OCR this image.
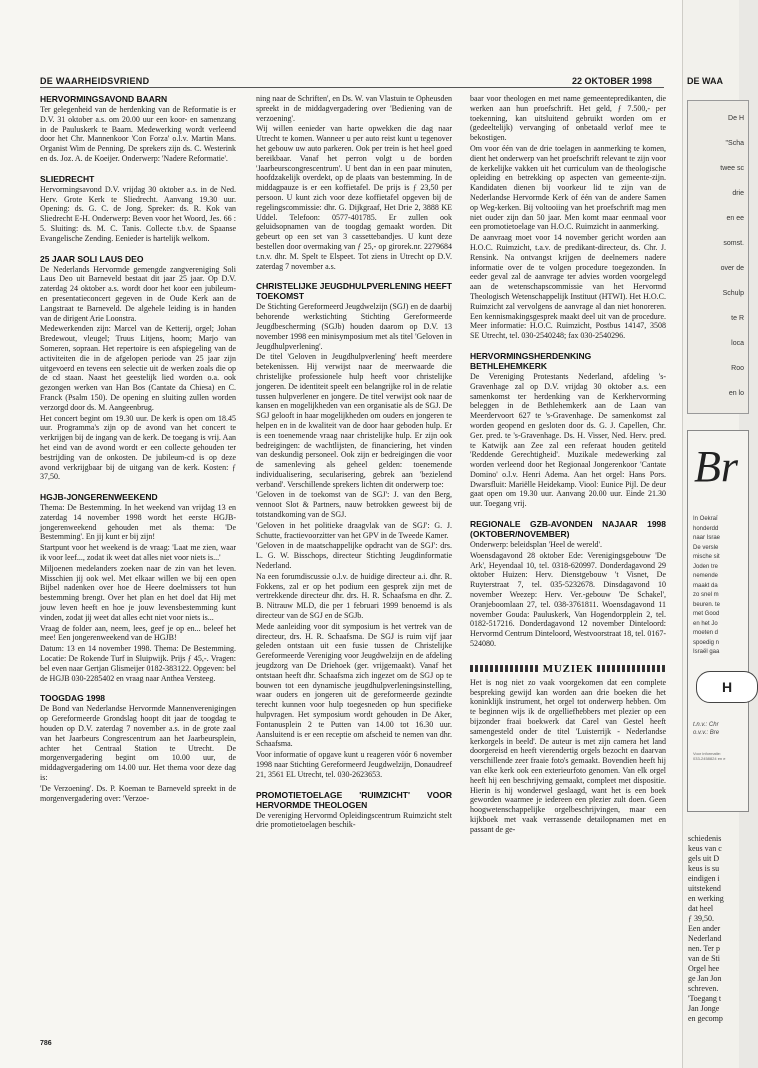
DE WAARHEIDSVRIEND	22 OKTOBER 1998
HERVORMINGSAVOND BAARN

Ter gelegenheid van de herdenking van de Reformatie is er D.V. 31 oktober a.s. om 20.00 uur een koor- en samenzang in de Pauluskerk te Baarn. Medewerking wordt verleend door het Chr. Mannenkoor 'Con Forza' o.l.v. Martin Mans. Organist Wim de Penning. De sprekers zijn ds. C. Westerink en ds. Joz. A. de Koeijer. Onderwerp: 'Nadere Reformatie'.

SLIEDRECHT

Hervormingsavond D.V. vrijdag 30 oktober a.s. in de Ned. Herv. Grote Kerk te Sliedrecht. Aanvang 19.30 uur. Opening: ds. G. C. de Jong. Spreker: ds. R. Kok van Sliedrecht E-H. Onderwerp: Beven voor het Woord, Jes. 66 : 5. Sluiting: ds. M. C. Tanis. Collecte t.b.v. de Spaanse Evangelische Zending. Eenieder is hartelijk welkom.

25 JAAR SOLI LAUS DEO

De Nederlands Hervormde gemengde zangvereniging Soli Laus Deo uit Barneveld bestaat dit jaar 25 jaar. Op D.V. zaterdag 24 oktober a.s. wordt door het koor een jubileum- en presentatieconcert gegeven in de Oude Kerk aan de Langstraat te Barneveld. De algehele leiding is in handen van de dirigent Arie Loonstra.

Medewerkenden zijn: Marcel van de Ketterij, orgel; Johan Bredewout, vleugel; Truus Litjens, hoorn; Marjo van Someren, sopraan. Het repertoire is een afspiegeling van de activiteiten die in de afgelopen periode van 25 jaar zijn uitgevoerd en tevens een selectie uit de werken zoals die op de cd staan. Naast het geestelijk lied worden o.a. ook gezongen werken van Han Bos (Cantate da Chiesa) en C. Franck (Psalm 150). De opening en sluiting zullen worden verzorgd door ds. M. Aangeenbrug.

Het concert begint om 19.30 uur. De kerk is open om 18.45 uur. Programma's zijn op de avond van het concert te verkrijgen bij de ingang van de kerk. De toegang is vrij. Aan het eind van de avond wordt er een collecte gehouden ter bestrijding van de onkosten. De jubileum-cd is op deze avond verkrijgbaar bij de uitgang van de kerk. Kosten: ƒ 37,50.

HGJB-JONGERENWEEKEND

Thema: De Bestemming. In het weekend van vrijdag 13 en zaterdag 14 november 1998 wordt het eerste HGJB-jongerenweekend gehouden met als thema: 'De Bestemming'. En jij kunt er bij zijn!

Startpunt voor het weekend is de vraag: 'Laat me zien, waar ik voor leef..., zodat ik weet dat alles niet voor niets is...'

Miljoenen medelanders zoeken naar de zin van het leven. Misschien jij ook wel. Met elkaar willen we bij een open Bijbel nadenken over hoe de Heere doelmissers tot hun bestemming brengt. Over het plan en het doel dat Hij met jouw leven heeft en hoe je jouw levensbestemming kunt vinden, zodat jij weet dat alles echt niet voor niets is...

Vraag de folder aan, neem, lees, geef je op en... beleef het mee! Een jongerenweekend van de HGJB!

Datum: 13 en 14 november 1998. Thema: De Bestemming. Locatie: De Rokende Turf in Sluipwijk. Prijs ƒ 45,-. Vragen: bel even naar Gertjan Glismeijer 0182-383122. Opgeven: bel de HGJB 030-2285402 en vraag naar Anthea Versteeg.

TOOGDAG 1998

De Bond van Nederlandse Hervormde Mannenverenigingen op Gereformeerde Grondslag hoopt dit jaar de toogdag te houden op D.V. zaterdag 7 november a.s. in de grote zaal van het Jaarbeurs Congrescentrum aan het Jaarbeursplein, achter het Centraal Station te Utrecht. De morgenvergadering begint om 10.00 uur, de middagvergadering om 14.00 uur. Het thema voor deze dag is:

'De Verzoening'. Ds. P. Koeman te Barneveld spreekt in de morgenvergadering over: 'Verzoe-

ning naar de Schriften', en Ds. W. van Vlastuin te Opheusden spreekt in de middagvergadering over 'Bediening van de verzoening'.

Wij willen eenieder van harte opwekken die dag naar Utrecht te komen. Wanneer u per auto reist kunt u tegenover het gebouw uw auto parkeren. Ook per trein is het heel goed bereikbaar. Vanaf het perron volgt u de borden 'Jaarbeurscongrescentrum'. U bent dan in een paar minuten, hoofdzakelijk overdekt, op de plaats van bestemming. In de middagpauze is er een koffietafel. De prijs is ƒ 23,50 per persoon. U kunt zich voor deze koffietafel opgeven bij de regelingscommissie: dhr. G. Dijkgraaf, Het Drie 2, 3888 KE Uddel. Telefoon: 0577-401785. Er zullen ook geluidsopnamen van de toogdag gemaakt worden. Dit gebeurt op een set van 3 cassettebandjes. U kunt deze bestellen door overmaking van ƒ 25,- op girorek.nr. 2279684 t.n.v. dhr. M. Spelt te Elspeet. Tot ziens in Utrecht op D.V. zaterdag 7 november a.s.

CHRISTELIJKE JEUGDHULPVERLENING HEEFT TOEKOMST

De Stichting Gereformeerd Jeugdwelzijn (SGJ) en de daarbij behorende werkstichting Stichting Gereformeerde Jeugdbescherming (SGJb) houden daarom op D.V. 13 november 1998 een minisymposium met als titel 'Geloven in Jeugdhulpverlening'.

De titel 'Geloven in Jeugdhulpverlening' heeft meerdere betekenissen. Hij verwijst naar de meerwaarde die christelijke professionele hulp heeft voor christelijke jongeren. De identiteit speelt een belangrijke rol in de relatie tussen hulpverlener en jongere. De titel verwijst ook naar de kansen en mogelijkheden van een organisatie als de SGJ. De SGJ gelooft in haar mogelijkheden om ouders en jongeren te helpen en in de kwaliteit van de door haar geboden hulp. Er is een toenemende vraag naar christelijke hulp. Er zijn ook bedreigingen: de wachtlijsten, de financiering, het vinden van deskundig personeel. Ook zijn er bedreigingen die voor de samenleving als geheel gelden: toenemende individualisering, secularisering, gebrek aan 'bezielend verband'. Verschillende sprekers lichten dit onderwerp toe:

'Geloven in de toekomst van de SGJ': J. van den Berg, vennoot Slot & Partners, nauw betrokken geweest bij de totstandkoming van de SGJ.

'Geloven in het politieke draagvlak van de SGJ': G. J. Schutte, fractievoorzitter van het GPV in de Tweede Kamer.

'Geloven in de maatschappelijke opdracht van de SGJ': drs. L. G. W. Bisschops, directeur Stichting Jeugdinformatie Nederland.

Na een forumdiscussie o.l.v. de huidige directeur a.i. dhr. R. Fokkens, zal er op het podium een gesprek zijn met de vertrekkende directeur dhr. drs. H. R. Schaafsma en dhr. Z. B. Nitrauw MLD, die per 1 februari 1999 benoemd is als directeur van de SGJ en de SGJb.

Mede aanleiding voor dit symposium is het vertrek van de directeur, drs. H. R. Schaafsma. De SGJ is ruim vijf jaar geleden ontstaan uit een fusie tussen de Christelijke Gereformeerde Vereniging voor Jeugdwelzijn en de afdeling jeugdzorg van De Driehoek (ger. vrijgemaakt). Vanaf het ontstaan heeft dhr. Schaafsma zich ingezet om de SGJ op te bouwen tot een dynamische jeugdhulpverleningsinstelling, waar ouders en jongeren uit de gereformeerde gezindte terecht kunnen voor hulp toegesneden op hun specifieke hulpvragen. Het symposium wordt gehouden in De Aker, Fontanusplein 2 te Putten van 14.00 tot 16.30 uur. Aansluitend is er een receptie om afscheid te nemen van dhr. Schaafsma.

Voor informatie of opgave kunt u reageren vóór 6 november 1998 naar Stichting Gereformeerd Jeugdwelzijn, Donaudreef 21, 3561 EL Utrecht, tel. 030-2623653.

PROMOTIETOELAGE 'RUIMZICHT' VOOR HERVORMDE THEOLOGEN

De vereniging Hervormd Opleidingscentrum Ruimzicht stelt drie promotietoelagen beschik-

baar voor theologen en met name gemeentepredikanten, die werken aan hun proefschrift. Het geld, ƒ 7.500,- per toekenning, kan uitsluitend gebruikt worden om er (gedeeltelijk) vervanging of onbetaald verlof mee te bekostigen.

Om voor één van de drie toelagen in aanmerking te komen, dient het onderwerp van het proefschrift relevant te zijn voor de kerkelijke vakken uit het curriculum van de theologische opleiding en betrekking op aspecten van gemeente-zijn. Kandidaten dienen bij voorkeur lid te zijn van de Nederlandse Hervormde Kerk of één van de andere Samen op Weg-kerken. Bij voltooiing van het proefschrift mag men niet ouder zijn dan 50 jaar. Men komt maar eenmaal voor een promotietoelage van H.O.C. Ruimzicht in aanmerking.

De aanvraag moet voor 14 november gericht worden aan H.O.C. Ruimzicht, t.a.v. de predikant-directeur, ds. Chr. J. Rensink. Na ontvangst krijgen de deelnemers nadere informatie over de te volgen procedure toegezonden. In eeder geval zal de aanvrage ter advies worden voorgelegd aan de wetenschapscommissie van het Hervormd Theologisch Wetenschappelijk Instituut (HTWI). Het H.O.C. Ruimzicht zal vervolgens de aanvrage al dan niet honoreren. Een kennismakingsgesprek maakt deel uit van de procedure. Meer informatie: H.O.C. Ruimzicht, Postbus 14147, 3508 SE Utrecht, tel. 030-2540248; fax 030-2540296.

HERVORMINGSHERDENKING BETHLEHEMKERK

De Vereniging Protestants Nederland, afdeling 's-Gravenhage zal op D.V. vrijdag 30 oktober a.s. een samenkomst ter herdenking van de Kerkhervorming beleggen in de Bethlehemkerk aan de Laan van Meerdervoort 627 te 's-Gravenhage. De samenkomst zal worden geopend en gesloten door ds. G. J. Capellen, Chr. Ger. pred. te 's-Gravenhage. Ds. H. Visser, Ned. Herv. pred. te Katwijk aan Zee zal een referaat houden getiteld 'Reddende Gerechtigheid'. Muzikale medewerking zal worden verleend door het Regionaal Jongerenkoor 'Cantate Domino' o.l.v. Henri Adema. Aan het orgel: Hans Pors. Dwarsfluit: Mariëlle Heidekamp. Vioolː Eunice Pijl. De deur gaat open om 19.30 uur. Aanvang 20.00 uur. Einde 21.30 uur. Toegang vrij.

REGIONALE GZB-AVONDEN NAJAAR 1998 (OKTOBER/NOVEMBER)

Onderwerp: beleidsplan 'Heel de wereld'.

Woensdagavond 28 oktober Ede: Verenigingsgebouw 'De Ark', Heyendaal 10, tel. 0318-620997. Donderdagavond 29 oktober Huizen: Herv. Dienstgebouw 't Visnet, De Ruyterstraat 7, tel. 035-5232678. Dinsdagavond 10 november Weezep: Herv. Ver.-gebouw 'De Schakel', Oranjeboomlaan 27, tel. 038-3761811. Woensdagavond 11 november Gouda: Pauluskerk, Van Hogendorpplein 2, tel. 0182-517216. Donderdagavond 12 november Dinteloord: Hervormd Centrum Dinteloord, Westvoorstraat 18, tel. 0167-524080.

MUZIEK

Het is nog niet zo vaak voorgekomen dat een complete bespreking gewijd kan worden aan drie boeken die het koninklijk instrument, het orgel tot onderwerp hebben. Om te beginnen wijs ik de orgelliefhebbers met plezier op een bijzonder fraai boekwerk dat Carel van Gestel heeft samengesteld onder de titel 'Luisterrijk - Nederlandse kerkorgels in beeld'. De auteur is met zijn camera het land doorgereisd en heeft vierendertig orgels bezocht en daarvan verschillende zeer fraaie foto's gemaakt. Bovendien heeft hij van elke kerk ook een exterieurfoto genomen. Van elk orgel heeft hij een beschrijving gemaakt, compleet met dispositie. Hierin is hij wonderwel geslaagd, want het is een boek geworden waarmee je iedereen een plezier zult doen. Geen hoogwetenschappelijke orgelbeschrijvingen, maar een kijkboek met vaak verrassende detailopnamen met en passant de ge-

786
DE WAA
De H
"Scha
twee sc
drie
en ee
somst.
over de
Schulp
te R
loca
Roo
en lo
Br
In Oekraï
honderdd
naar Israe
De versle
mische sit
Joden tre
nemende
maakt da
zo snel m
beuren. te
met Good
en het Jo
moeten d
spoedig n
Israël gaa
H
t.n.v.: Chr
o.v.v.: Bre
Voor informatie:
033-2458824 en e
schiedenis
keus van c
gels uit D
keus is su
eindigen i
uitstekend
en werking
dat heel
ƒ 39,50.
Een ander
Nederland
nen. Ter p
van de Sti
Orgel hee
ge Jan Jon
schreven.
'Toegang t
Jan Jonge
en gecomp
